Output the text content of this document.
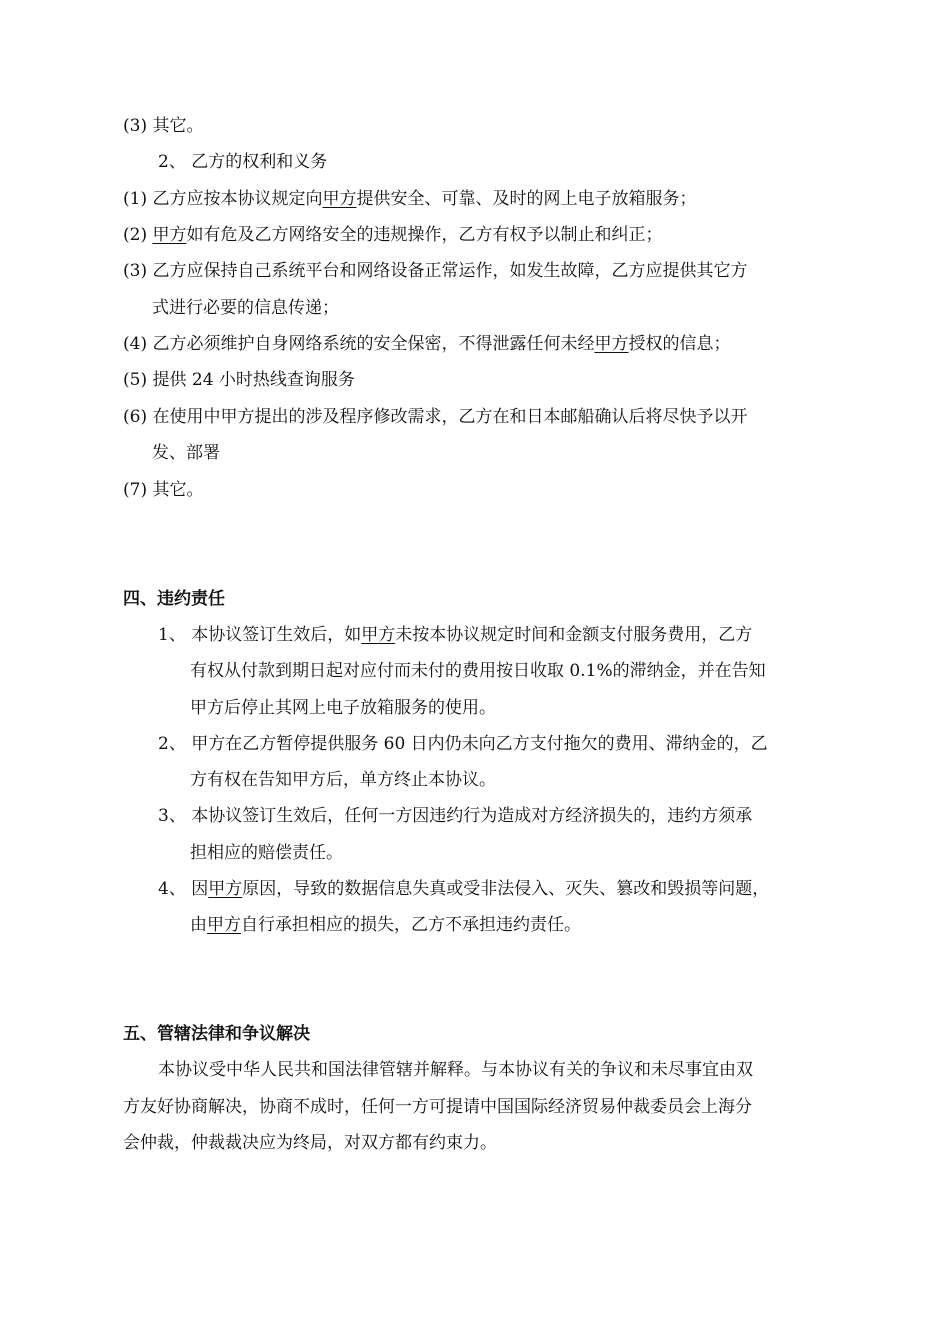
(3) 其它。
2、 乙方的权利和义务
(1) 乙方应按本协议规定向甲方提供安全、可靠、及时的网上电子放箱服务；
(2) 甲方如有危及乙方网络安全的违规操作，乙方有权予以制止和纠正；
(3) 乙方应保持自己系统平台和网络设备正常运作，如发生故障，乙方应提供其它方
式进行必要的信息传递；
(4) 乙方必须维护自身网络系统的安全保密，不得泄露任何未经甲方授权的信息；
(5) 提供 24 小时热线查询服务
(6) 在使用中甲方提出的涉及程序修改需求，乙方在和日本邮船确认后将尽快予以开
发、部署
(7) 其它。
四、违约责任
1、 本协议签订生效后，如甲方未按本协议规定时间和金额支付服务费用，乙方
有权从付款到期日起对应付而未付的费用按日收取 0.1%的滞纳金，并在告知
甲方后停止其网上电子放箱服务的使用。
2、 甲方在乙方暂停提供服务 60 日内仍未向乙方支付拖欠的费用、滞纳金的，乙
方有权在告知甲方后，单方终止本协议。
3、 本协议签订生效后，任何一方因违约行为造成对方经济损失的，违约方须承
担相应的赔偿责任。
4、 因甲方原因，导致的数据信息失真或受非法侵入、灭失、篡改和毁损等问题，
由甲方自行承担相应的损失，乙方不承担违约责任。
五、管辖法律和争议解决
本协议受中华人民共和国法律管辖并解释。与本协议有关的争议和未尽事宜由双
方友好协商解决，协商不成时，任何一方可提请中国国际经济贸易仲裁委员会上海分
会仲裁，仲裁裁决应为终局，对双方都有约束力。
